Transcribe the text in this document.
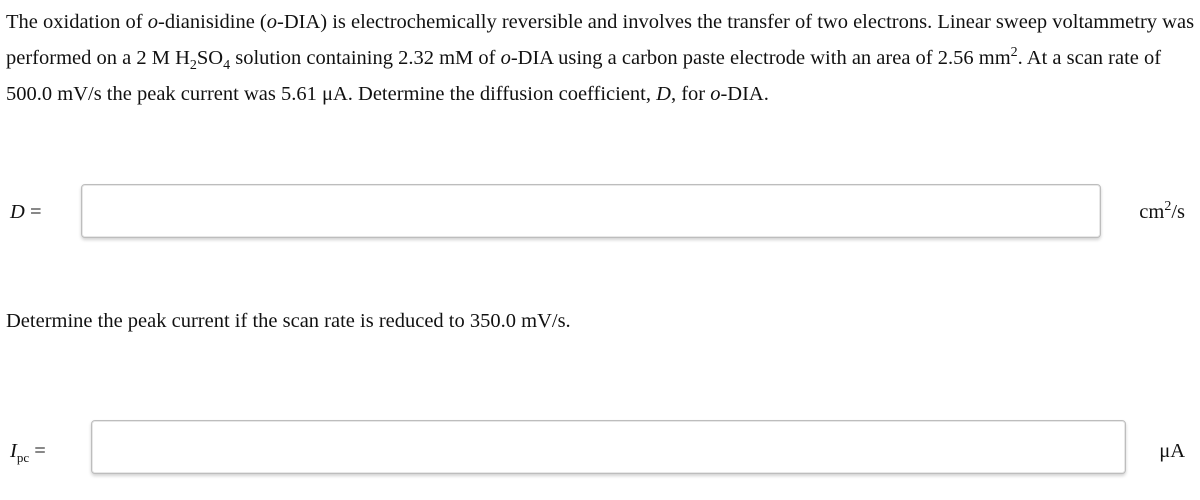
The oxidation of o-dianisidine (o-DIA) is electrochemically reversible and involves the transfer of two electrons. Linear sweep voltammetry was performed on a 2 M $H_2SO_4$ solution containing 2.32 mM of o-DIA using a carbon paste electrode with an area of 2.56 $mm^2$. At a scan rate of 500.0 mV/s the peak current was 5.61 μA. Determine the diffusion coefficient, D, for o-DIA.
D =	$cm^2/s$
Determine the peak current if the scan rate is reduced to 350.0 mV/s.
$I_{pc}$ =	μA
